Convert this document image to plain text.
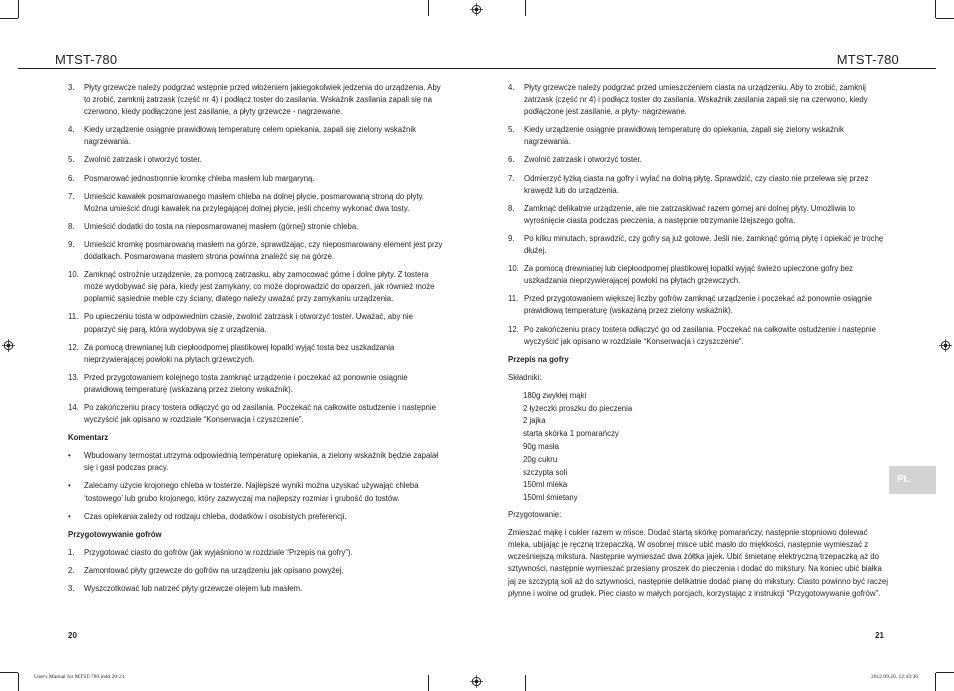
MTST-780
3.	Płyty grzewcze należy podgrzać wstępnie przed włożeniem jakiegokolwiek jedzenia do urządzenia. Aby to zrobić, zamknij zatrzask (część nr 4) i podłącz toster do zasilania. Wskaźnik zasilania zapali się na czerwono, kiedy podłączone jest zasilanie, a płyty grzewcze - nagrzewane.
4.	Kiedy urządzenie osiągnie prawidłową temperaturę celem opiekania, zapali się zielony wskaźnik nagrzewania.
5.	Zwolnić zatrzask i otworzyć toster.
6.	Posmarować jednostronnie kromkę chleba masłem lub margaryną.
7.	Umieścić kawałek posmarowanego masłem chleba na dolnej płycie, posmarowaną stroną do płyty. Można umieścić drugi kawałek na przylegającej dolnej płycie, jeśli chcemy wykonać dwa tosty.
8.	Umieścić dodatki do tosta na nieposmarowanej masłem (górnej) stronie chleba.
9.	Umieścić kromkę posmarowaną masłem na górze, sprawdzając, czy nieposmarowany element jest przy dodatkach. Posmarowana masłem strona powinna znaleźć się na górze.
10. Zamknąć ostrożnie urządzenie, za pomocą zatrzasku, aby zamocować górne i dolne płyty. Z tostera może wydobywać się para, kiedy jest zamykany, co może doprowadzić do oparzeń, jak również może poplamić sąsiednie meble czy ściany, dlatego należy uważać przy zamykaniu urządzenia.
11. Po upieczeniu tosta w odpowiednim czasie, zwolnić zatrzask i otworzyć toster. Uważać, aby nie poparzyć się parą, która wydobywa się z urządzenia.
12. Za pomocą drewnianej lub ciepłoodpornej plastikowej łopatki wyjąć tosta bez uszkadzania nieprzywierającej powłoki na płytach grzewczych.
13. Przed przygotowaniem kolejnego tosta zamknąć urządzenie i poczekać aż ponownie osiągnie prawidłową temperaturę (wskazaną przez zielony wskaźnik).
14. Po zakończeniu pracy tostera odłączyć go od zasilania. Poczekać na całkowite ostudzenie i następnie wyczyścić jak opisano w rozdziale “Konserwacja i czyszczenie”.
Komentarz
•	Wbudowany termostat utrzyma odpowiednią temperaturę opiekania, a zielony wskaźnik będzie zapalał się i gasł podczas pracy.
•	Zalecamy użycie krojonego chleba w tosterze. Najlepsze wyniki można uzyskać używając chleba ‘tostowego’ lub grubo krojonego, który zazwyczaj ma najlepszy rozmiar i grubość do tostów.
•	Czas opiekania zależy od rodzaju chleba, dodatków i osobistych preferencji.
Przygotowywanie gofrów
1.	Przygotować ciasto do gofrów (jak wyjaśniono w rozdziale “Przepis na gofry”).
2.	Zamontować płyty grzewcze do gofrów na urządzeniu jak opisano powyżej.
3.	Wyszczotkować lub natrzeć płyty grzewcze olejem lub masłem.
20
User's Manual for MTST-780.indd 20-21
MTST-780
4.	Płyty grzewcze należy podgrzać przed umieszczeniem ciasta na urządzeniu. Aby to zrobić, zamknij zatrzask (część nr 4) i podłącz toster do zasilania. Wskaźnik zasilania zapali się na czerwono, kiedy podłączone jest zasilanie, a płyty- nagrzewane.
5.	Kiedy urządzenie osiągnie prawidłową temperaturę do opiekania, zapali się zielony wskaźnik nagrzewania.
6.	Zwolnić zatrzask i otworzyć toster.
7.	Odmierzyć łyżką ciasta na gofry i wylać na dolną płytę. Sprawdzić, czy ciasto nie przelewa się przez krawędź lub do urządzenia.
8.	Zamknąć delikatnie urządzenie, ale nie zatrzaskiwać razem górnej ani dolnej płyty. Umożliwia to wyrośnięcie ciasta podczas pieczenia, a następnie otrzymanie lżejszego gofra.
9.	Po kilku minutach, sprawdzić, czy gofry są już gotowe. Jeśli nie, zamknąć górną płytę i opiekać je trochę dłużej.
10. Za pomocą drewnianej lub ciepłoodpornej plastikowej łopatki wyjąć świeżo upieczone gofry bez uszkadzania nieprzywierającej powłoki na płytach grzewczych.
11. Przed przygotowaniem większej liczby gofrów zamknąć urządzenie i poczekać aż ponownie osiągnie prawidłową temperaturę (wskazaną przez zielony wskaźnik).
12. Po zakończeniu pracy tostera odłączyć go od zasilania. Poczekać na całkowite ostudzenie i następnie wyczyścić jak opisano w rozdziale “Konserwacja i czyszczenie”.
Przepis na gofry
Składniki:
180g zwykłej mąki
2 łyżeczki proszku do pieczenia
2 jajka
starta skórka 1 pomarańczy
90g masła
20g cukru
szczypta soli
150ml mleka
150ml śmietany
Przygotowanie:
Zmieszać mąkę i cukier razem w misce. Dodać startą skórkę pomarańczy, następnie stopniowo dolewać mleka, ubijając je ręczną trzepaczką. W osobnej misce ubić masło do miękkości, następnie wymieszać z wcześniejszą mikstura. Następnie wymieszać dwa żółtka jajek. Ubić śmietanę elektryczną trzepaczką aż do sztywności, następnie wymieszać przesiany proszek do pieczenia i dodać do mikstury. Na koniec ubić białka jaj ze szczyptą soli aż do sztywności, następnie delikatnie dodać pianę do mikstury. Ciasto powinno być raczej płynne i wolne od grudek. Piec ciasto w małych porcjach, korzystając z instrukcji “Przygotowywanie gofrów”.
PL
21
2012.09.20. 12:43:36
